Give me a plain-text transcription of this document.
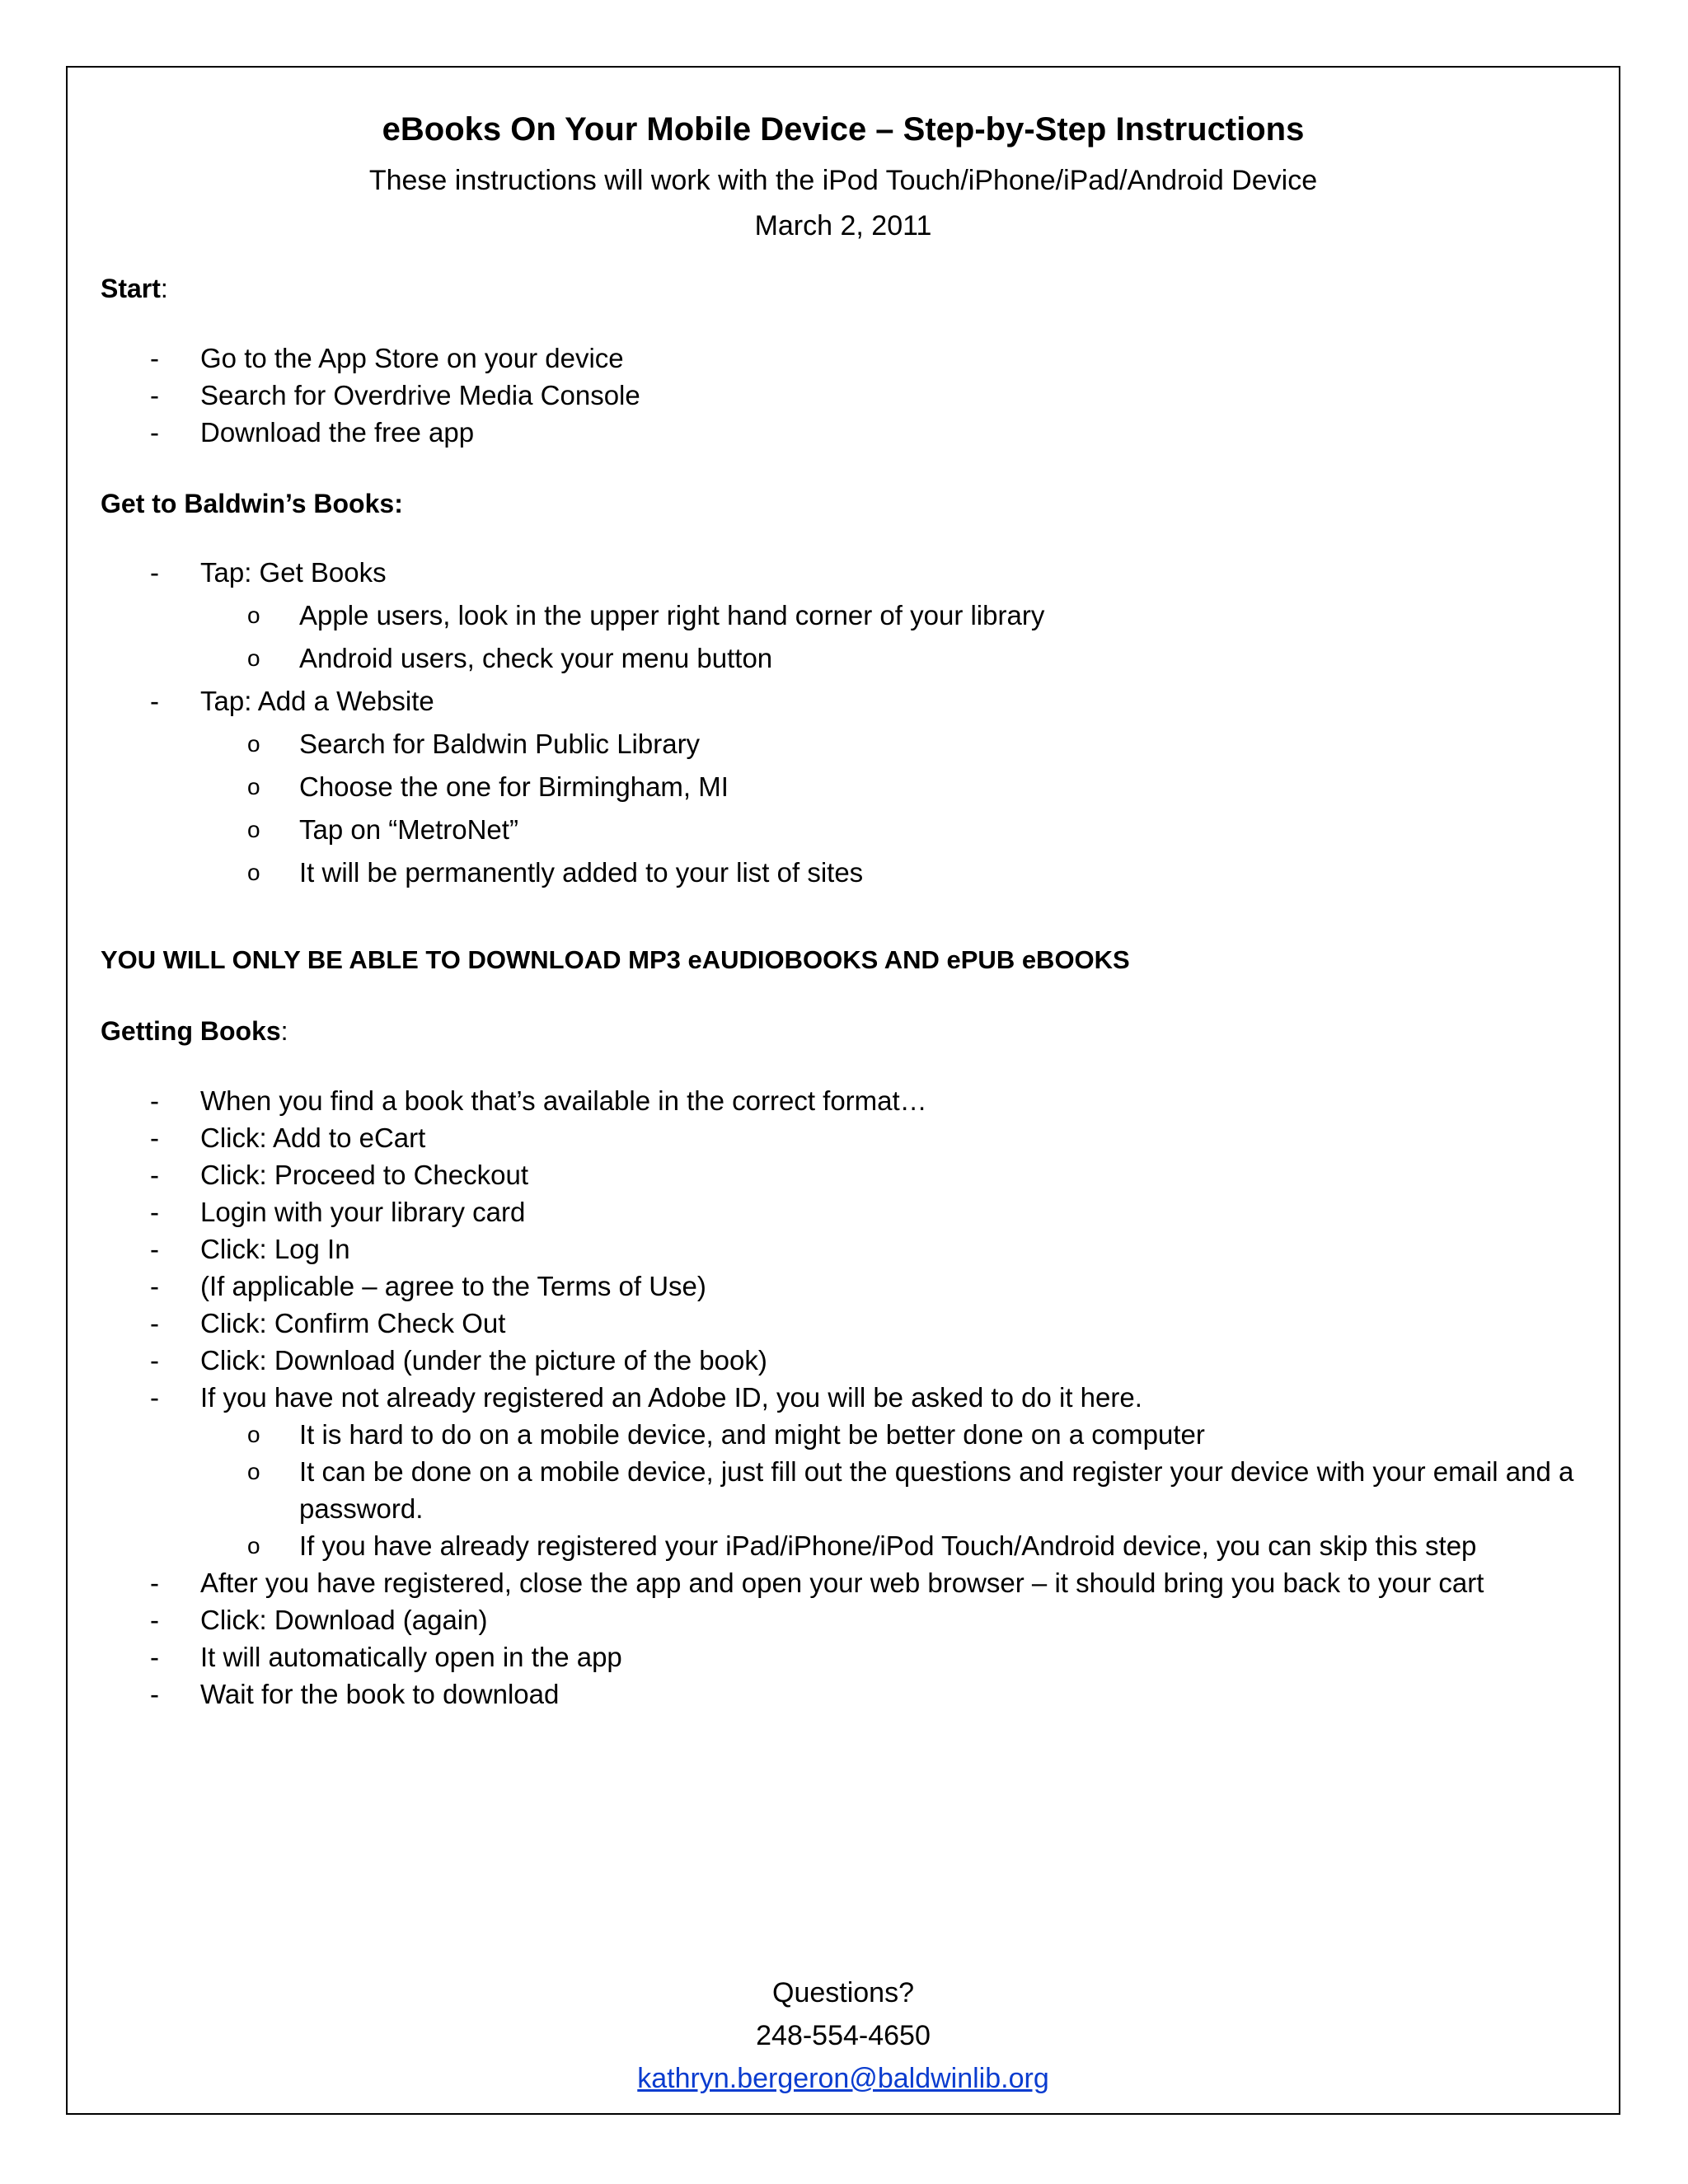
eBooks On Your Mobile Device – Step-by-Step Instructions

These instructions will work with the iPod Touch/iPhone/iPad/Android Device

March 2, 2011

Start:

-	Go to the App Store on your device
-	Search for Overdrive Media Console
-	Download the free app

Get to Baldwin’s Books:

-	Tap: Get Books
o	Apple users, look in the upper right hand corner of your library
o	Android users, check your menu button
-	Tap: Add a Website
o	Search for Baldwin Public Library
o	Choose the one for Birmingham, MI
o	Tap on “MetroNet”
o	It will be permanently added to your list of sites

YOU WILL ONLY BE ABLE TO DOWNLOAD MP3 eAUDIOBOOKS AND ePUB eBOOKS

Getting Books:

-	When you find a book that’s available in the correct format…
-	Click: Add to eCart
-	Click: Proceed to Checkout
-	Login with your library card
-	Click: Log In
-	(If applicable – agree to the Terms of Use)
-	Click: Confirm Check Out
-	Click: Download (under the picture of the book)
-	If you have not already registered an Adobe ID, you will be asked to do it here.
o	It is hard to do on a mobile device, and might be better done on a computer
o	It can be done on a mobile device, just fill out the questions and register your device with your email and a password.
o	If you have already registered your iPad/iPhone/iPod Touch/Android device, you can skip this step
-	After you have registered, close the app and open your web browser – it should bring you back to your cart
-	Click: Download (again)
-	It will automatically open in the app
-	Wait for the book to download
Questions?
248-554-4650
kathryn.bergeron@baldwinlib.org
